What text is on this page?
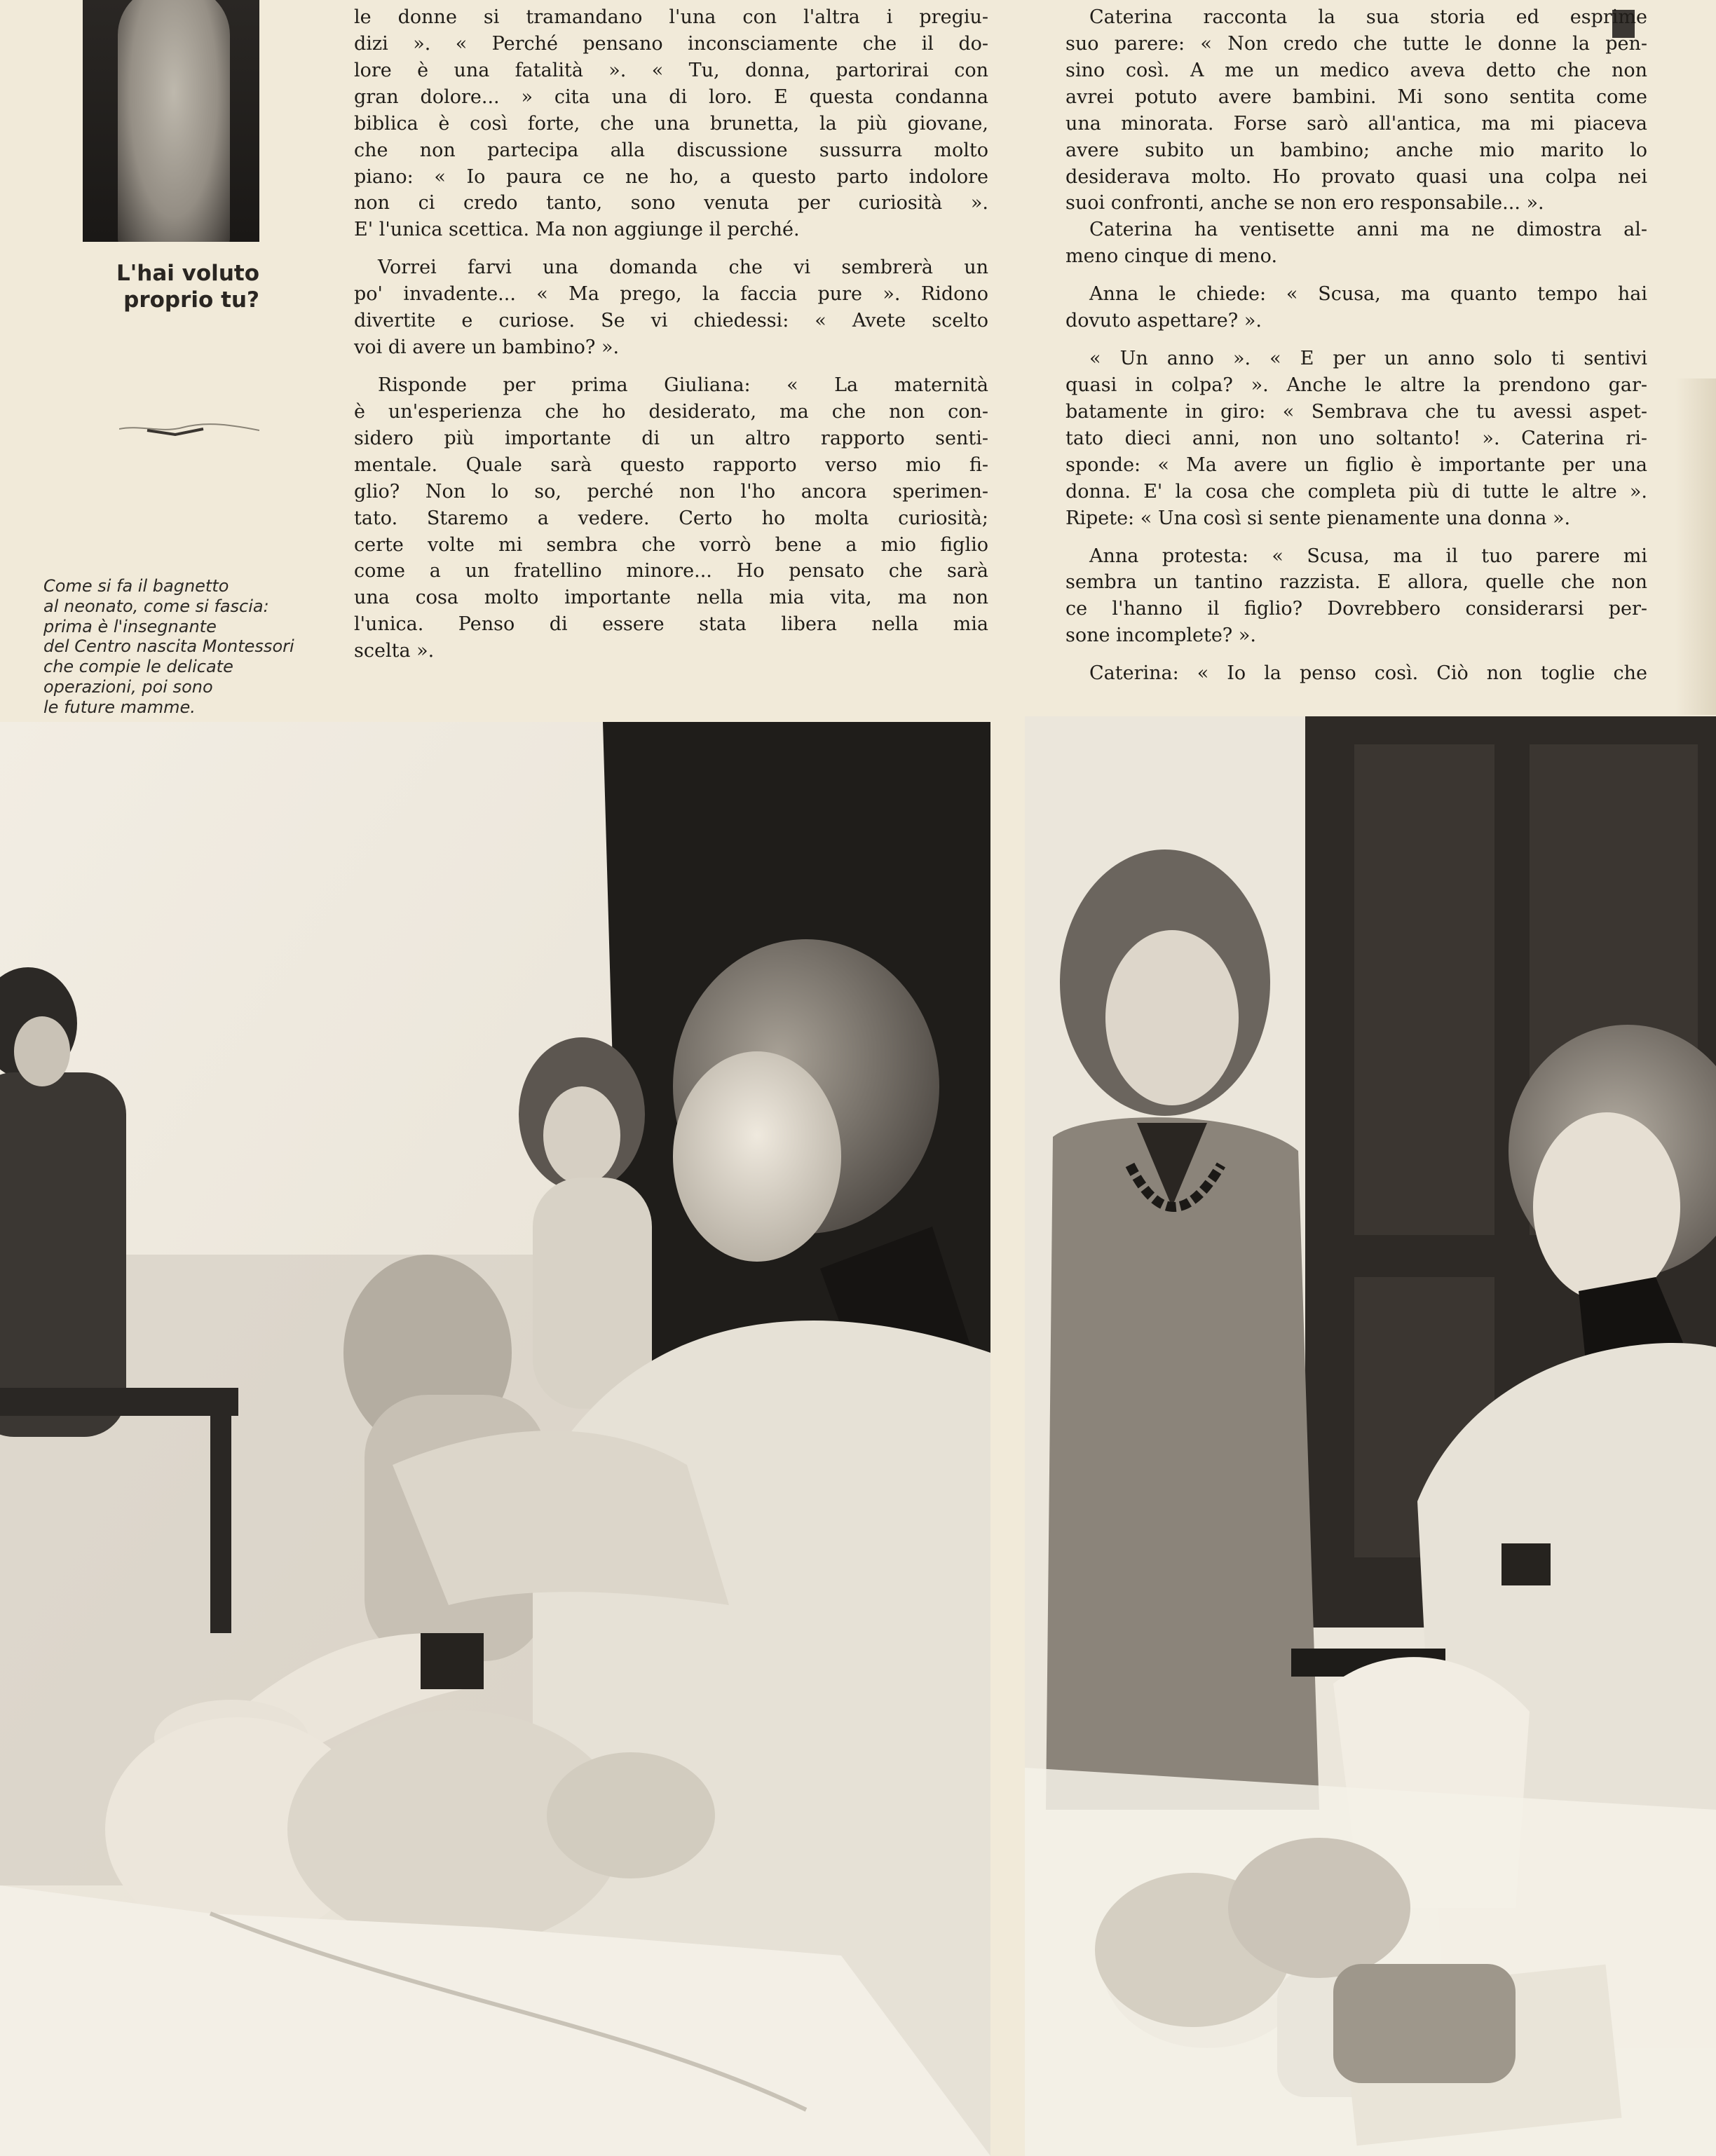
L'hai voluto
proprio tu?
Come si fa il bagnetto
al neonato, come si fascia:
prima è l'insegnante
del Centro nascita Montessori
che compie le delicate
operazioni, poi sono
le future mamme.
le donne si tramandano l'una con l'altra i pregiu-
dizi ». « Perché pensano inconsciamente che il do-
lore è una fatalità ». « Tu, donna, partorirai con
gran dolore... » cita una di loro. E questa condanna
biblica è così forte, che una brunetta, la più giovane,
che non partecipa alla discussione sussurra molto
piano: « Io paura ce ne ho, a questo parto indolore
non ci credo tanto, sono venuta per curiosità ».
E' l'unica scettica. Ma non aggiunge il perché.
Vorrei farvi una domanda che vi sembrerà un
po' invadente... « Ma prego, la faccia pure ». Ridono
divertite e curiose. Se vi chiedessi: « Avete scelto
voi di avere un bambino? ».
Risponde per prima Giuliana: « La maternità
è un'esperienza che ho desiderato, ma che non con-
sidero più importante di un altro rapporto senti-
mentale. Quale sarà questo rapporto verso mio fi-
glio? Non lo so, perché non l'ho ancora sperimen-
tato. Staremo a vedere. Certo ho molta curiosità;
certe volte mi sembra che vorrò bene a mio figlio
come a un fratellino minore... Ho pensato che sarà
una cosa molto importante nella mia vita, ma non
l'unica. Penso di essere stata libera nella mia
scelta ».
Caterina racconta la sua storia ed esprime
suo parere: « Non credo che tutte le donne la pen-
sino così. A me un medico aveva detto che non
avrei potuto avere bambini. Mi sono sentita come
una minorata. Forse sarò all'antica, ma mi piaceva
avere subito un bambino; anche mio marito lo
desiderava molto. Ho provato quasi una colpa nei
suoi confronti, anche se non ero responsabile... ».
Caterina ha ventisette anni ma ne dimostra al-
meno cinque di meno.
Anna le chiede: « Scusa, ma quanto tempo hai
dovuto aspettare? ».
« Un anno ». « E per un anno solo ti sentivi
quasi in colpa? ». Anche le altre la prendono gar-
batamente in giro: « Sembrava che tu avessi aspet-
tato dieci anni, non uno soltanto! ». Caterina ri-
sponde: « Ma avere un figlio è importante per una
donna. E' la cosa che completa più di tutte le altre ».
Ripete: « Una così si sente pienamente una donna ».
Anna protesta: « Scusa, ma il tuo parere mi
sembra un tantino razzista. E allora, quelle che non
ce l'hanno il figlio? Dovrebbero considerarsi per-
sone incomplete? ».
Caterina: « Io la penso così. Ciò non toglie che
